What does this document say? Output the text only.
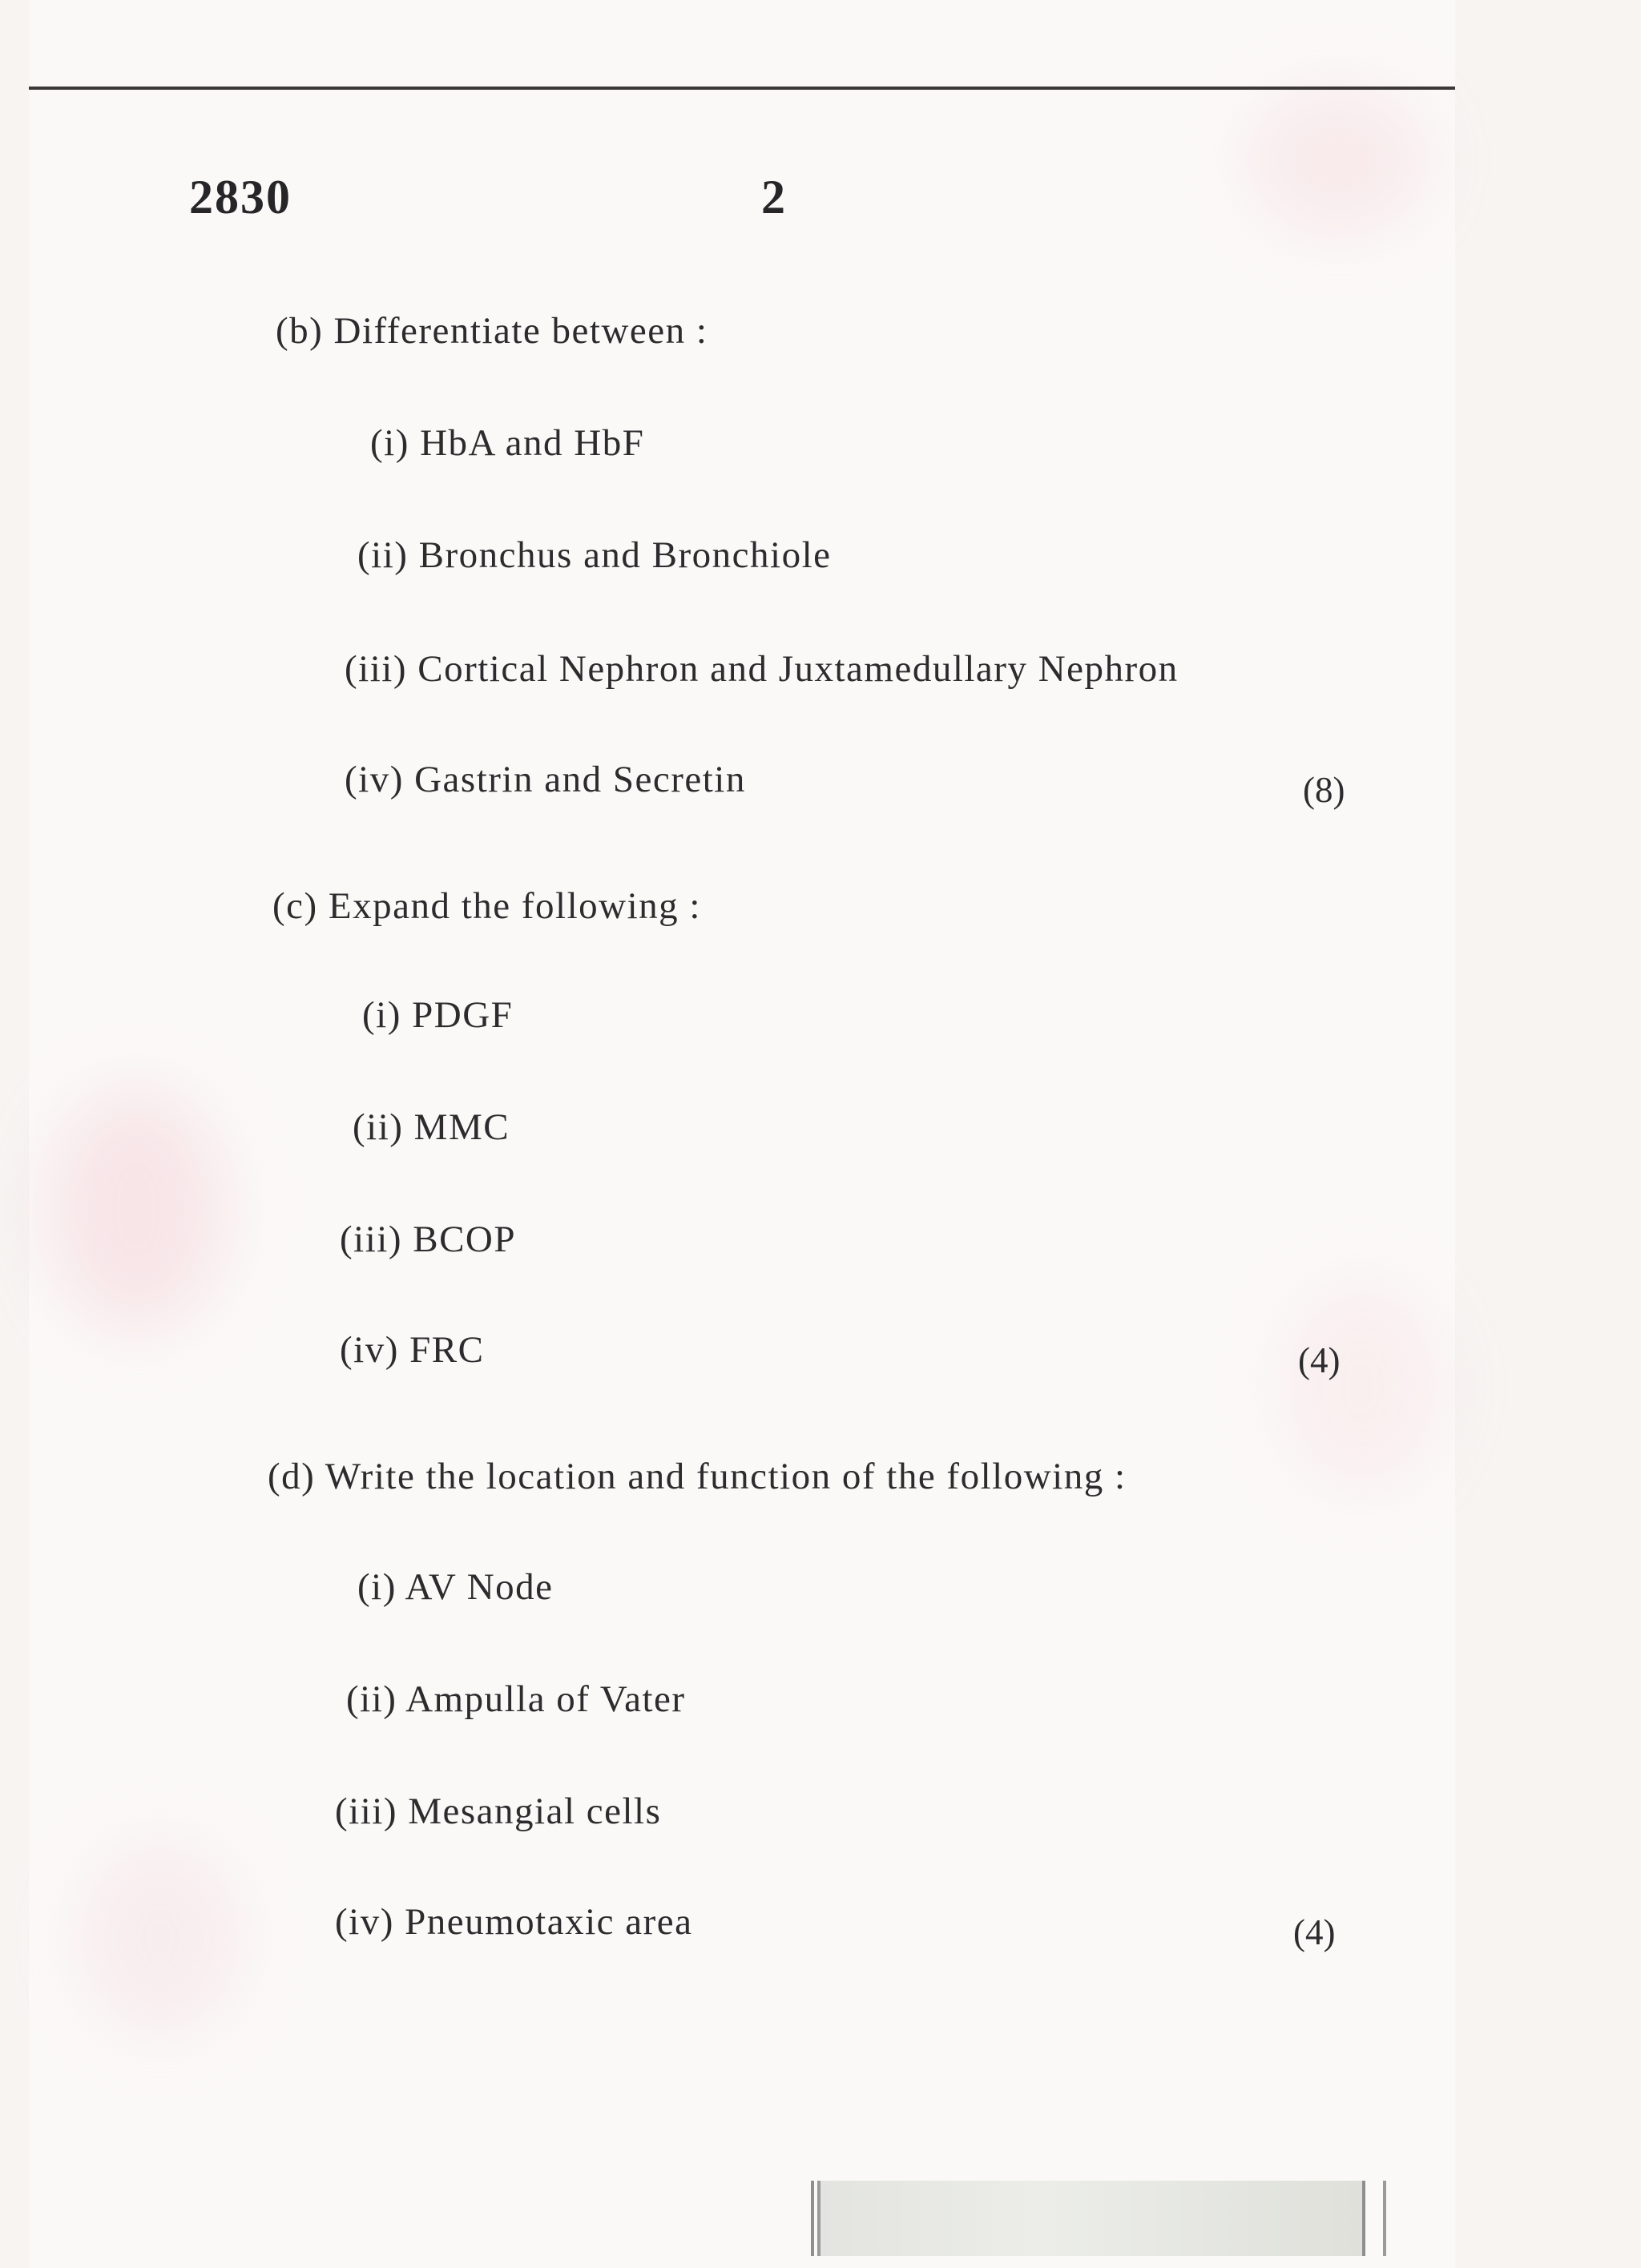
2830	2
(b) Differentiate between :
(i) HbA and HbF
(ii) Bronchus and Bronchiole
(iii) Cortical Nephron and Juxtamedullary Nephron
(iv) Gastrin and Secretin	(8)
(c) Expand the following :
(i) PDGF
(ii) MMC
(iii) BCOP
(iv) FRC	(4)
(d) Write the location and function of the following :
(i) AV Node
(ii) Ampulla of Vater
(iii) Mesangial cells
(iv) Pneumotaxic area	(4)
